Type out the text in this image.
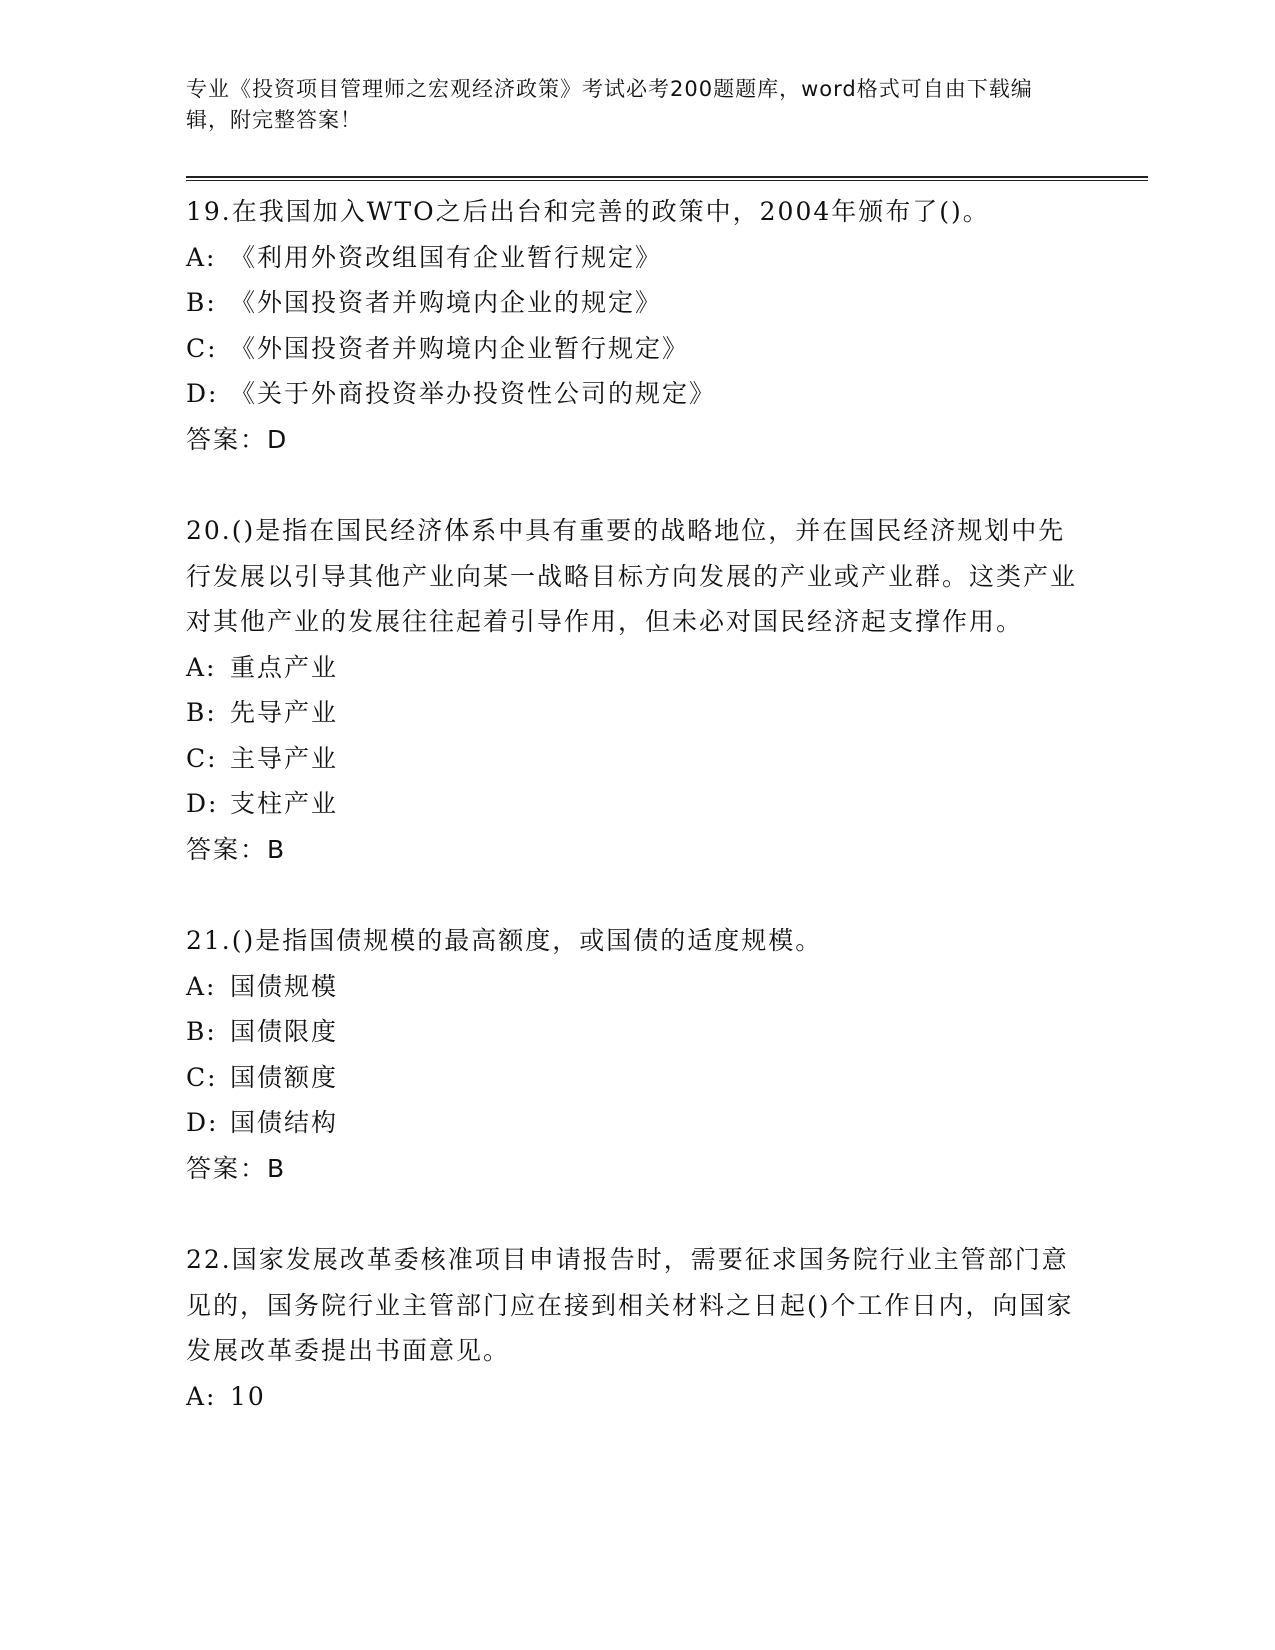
专业《投资项目管理师之宏观经济政策》考试必考200题题库，word格式可自由下载编辑，附完整答案！

19.在我国加入WTO之后出台和完善的政策中，2004年颁布了()。

A: 《利用外资改组国有企业暂行规定》

B: 《外国投资者并购境内企业的规定》

C: 《外国投资者并购境内企业暂行规定》

D: 《关于外商投资举办投资性公司的规定》

答案：D

20.()是指在国民经济体系中具有重要的战略地位，并在国民经济规划中先行发展以引导其他产业向某一战略目标方向发展的产业或产业群。这类产业对其他产业的发展往往起着引导作用，但未必对国民经济起支撑作用。

A: 重点产业

B: 先导产业

C: 主导产业

D: 支柱产业

答案：B

21.()是指国债规模的最高额度，或国债的适度规模。

A: 国债规模

B: 国债限度

C: 国债额度

D: 国债结构

答案：B

22.国家发展改革委核准项目申请报告时，需要征求国务院行业主管部门意见的，国务院行业主管部门应在接到相关材料之日起()个工作日内，向国家发展改革委提出书面意见。

A: 10
